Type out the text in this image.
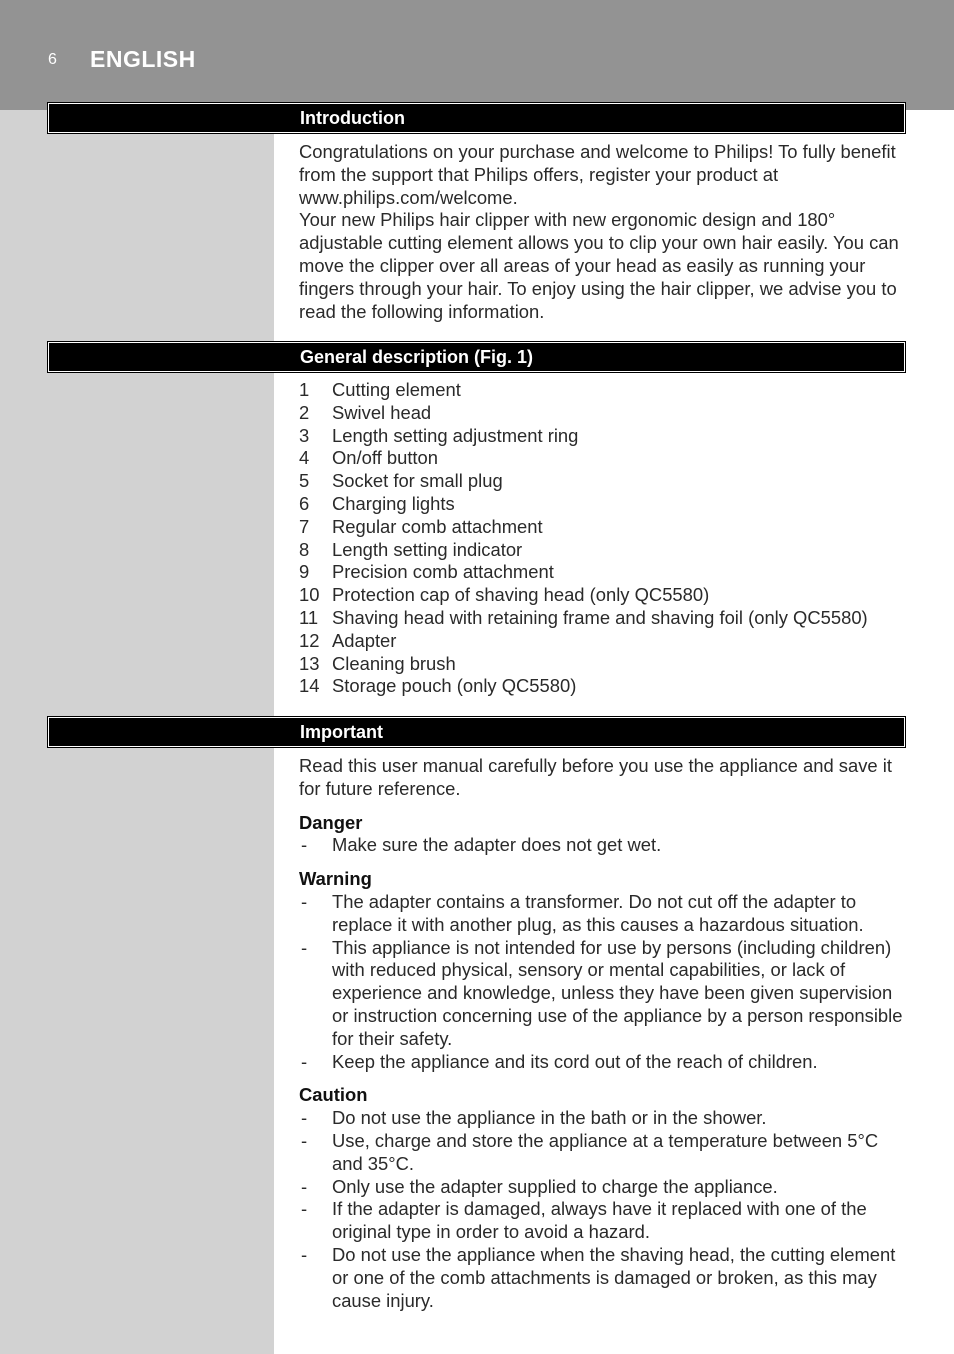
6 ENGLISH
Introduction

Congratulations on your purchase and welcome to Philips! To fully benefit from the support that Philips offers, register your product at www.philips.com/welcome.

Your new Philips hair clipper with new ergonomic design and 180° adjustable cutting element allows you to clip your own hair easily. You can move the clipper over all areas of your head as easily as running your fingers through your hair. To enjoy using the hair clipper, we advise you to read the following information.

General description (Fig. 1)
1 Cutting element
2 Swivel head
3 Length setting adjustment ring
4 On/off button
5 Socket for small plug
6 Charging lights
7 Regular comb attachment
8 Length setting indicator
9 Precision comb attachment
10 Protection cap of shaving head (only QC5580)
11 Shaving head with retaining frame and shaving foil (only QC5580)
12 Adapter
13 Cleaning brush
14 Storage pouch (only QC5580)
Important

Read this user manual carefully before you use the appliance and save it for future reference.

Danger
- Make sure the adapter does not get wet.
Warning
- The adapter contains a transformer. Do not cut off the adapter to replace it with another plug, as this causes a hazardous situation.
- This appliance is not intended for use by persons (including children) with reduced physical, sensory or mental capabilities, or lack of experience and knowledge, unless they have been given supervision or instruction concerning use of the appliance by a person responsible for their safety.
- Keep the appliance and its cord out of the reach of children.
Caution
- Do not use the appliance in the bath or in the shower.
- Use, charge and store the appliance at a temperature between 5°C and 35°C.
- Only use the adapter supplied to charge the appliance.
- If the adapter is damaged, always have it replaced with one of the original type in order to avoid a hazard.
- Do not use the appliance when the shaving head, the cutting element or one of the comb attachments is damaged or broken, as this may cause injury.
